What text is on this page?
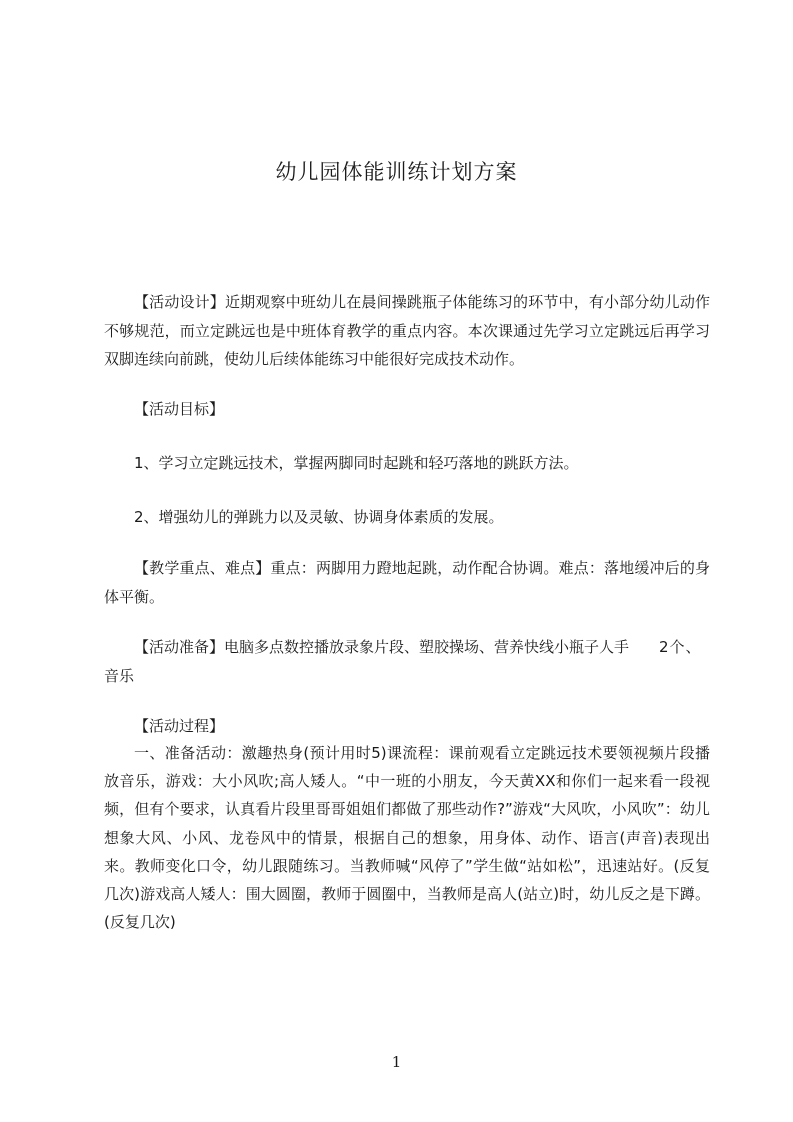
幼儿园体能训练计划方案

【活动设计】近期观察中班幼儿在晨间操跳瓶子体能练习的环节中，有小部分幼儿动作不够规范，而立定跳远也是中班体育教学的重点内容。本次课通过先学习立定跳远后再学习双脚连续向前跳，使幼儿后续体能练习中能很好完成技术动作。

【活动目标】

1、学习立定跳远技术，掌握两脚同时起跳和轻巧落地的跳跃方法。

2、增强幼儿的弹跳力以及灵敏、协调身体素质的发展。

【教学重点、难点】重点：两脚用力蹬地起跳，动作配合协调。难点：落地缓冲后的身体平衡。

【活动准备】电脑多点数控播放录象片段、塑胶操场、营养快线小瓶子人手 2个、
音乐

【活动过程】

一、准备活动：激趣热身(预计用时5)课流程：课前观看立定跳远技术要领视频片段播放音乐，游戏：大小风吹;高人矮人。“中一班的小朋友，今天黄XX和你们一起来看一段视频，但有个要求，认真看片段里哥哥姐姐们都做了那些动作?”游戏“大风吹，小风吹”：幼儿想象大风、小风、龙卷风中的情景，根据自己的想象，用身体、动作、语言(声音)表现出来。教师变化口令，幼儿跟随练习。当教师喊“风停了”学生做“站如松”，迅速站好。(反复几次)游戏高人矮人：围大圆圈，教师于圆圈中，当教师是高人(站立)时，幼儿反之是下蹲。(反复几次)

1
